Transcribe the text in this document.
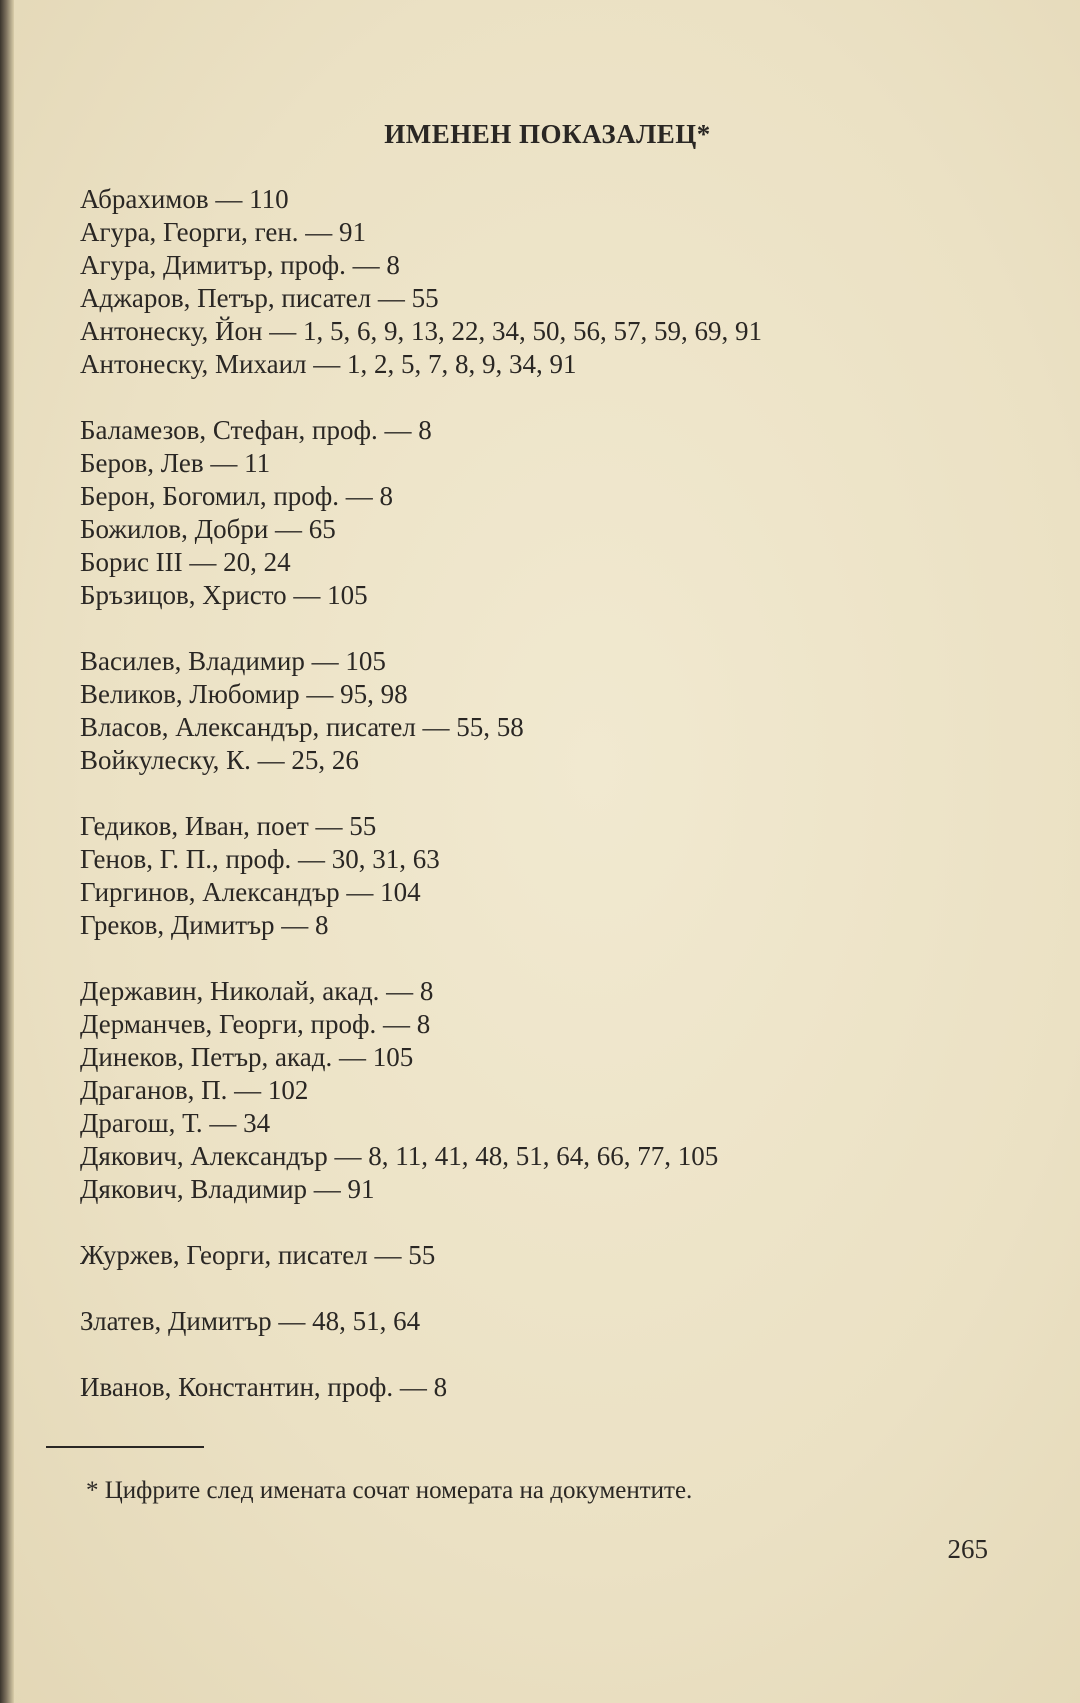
ИМЕНЕН ПОКАЗАЛЕЦ*
Абрахимов — 110
Агура, Георги, ген. — 91
Агура, Димитър, проф. — 8
Аджаров, Петър, писател — 55
Антонеску, Йон — 1, 5, 6, 9, 13, 22, 34, 50, 56, 57, 59, 69, 91
Антонеску, Михаил — 1, 2, 5, 7, 8, 9, 34, 91
Баламезов, Стефан, проф. — 8
Беров, Лев — 11
Берон, Богомил, проф. — 8
Божилов, Добри — 65
Борис III — 20, 24
Бръзицов, Христо — 105
Василев, Владимир — 105
Великов, Любомир — 95, 98
Власов, Александър, писател — 55, 58
Войкулеску, К. — 25, 26
Гедиков, Иван, поет — 55
Генов, Г. П., проф. — 30, 31, 63
Гиргинов, Александър — 104
Греков, Димитър — 8
Державин, Николай, акад. — 8
Дерманчев, Георги, проф. — 8
Динеков, Петър, акад. — 105
Драганов, П. — 102
Драгош, Т. — 34
Дякович, Александър — 8, 11, 41, 48, 51, 64, 66, 77, 105
Дякович, Владимир — 91
Журжев, Георги, писател — 55
Златев, Димитър — 48, 51, 64
Иванов, Константин, проф. — 8
* Цифрите след имената сочат номерата на документите.
265
